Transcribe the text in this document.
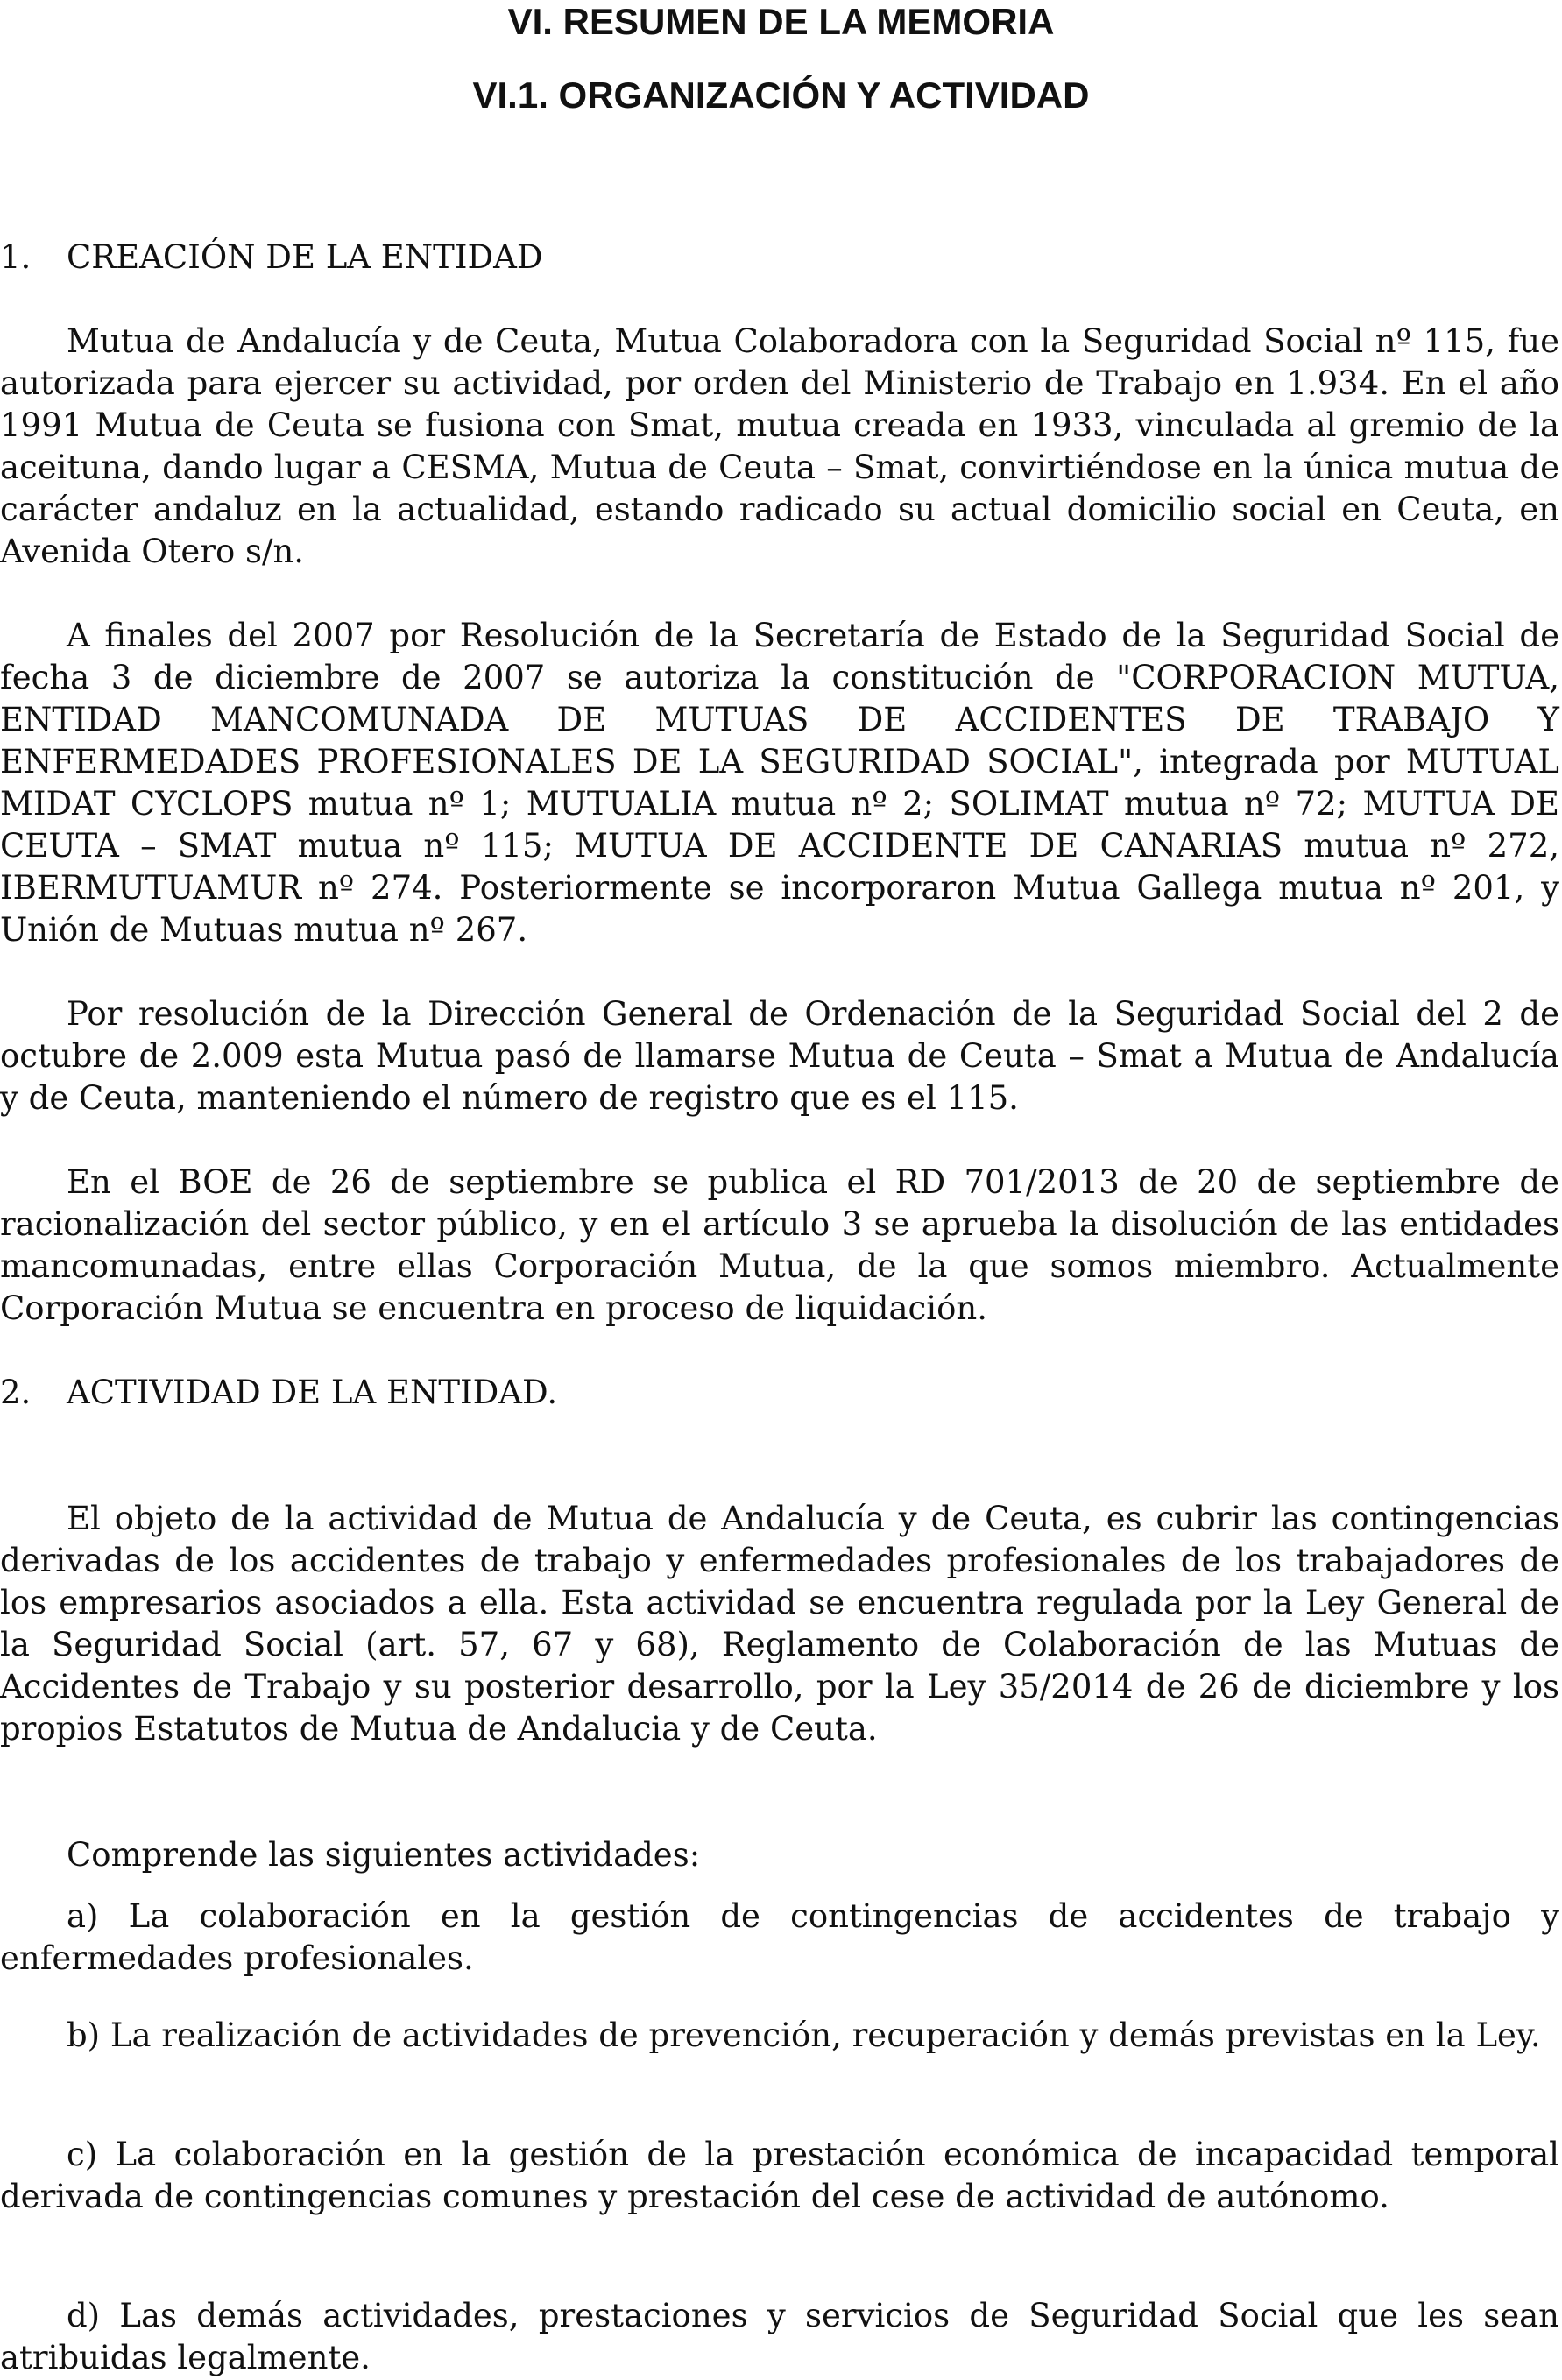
VI. RESUMEN DE LA MEMORIA
VI.1. ORGANIZACIÓN Y ACTIVIDAD
1. CREACIÓN DE LA ENTIDAD

Mutua de Andalucía y de Ceuta, Mutua Colaboradora con la Seguridad Social nº 115, fue autorizada para ejercer su actividad, por orden del Ministerio de Trabajo en 1.934. En el año 1991 Mutua de Ceuta se fusiona con Smat, mutua creada en 1933, vinculada al gremio de la aceituna, dando lugar a CESMA, Mutua de Ceuta – Smat, convirtiéndose en la única mutua de carácter andaluz en la actualidad, estando radicado su actual domicilio social en Ceuta, en Avenida Otero s/n.

A finales del 2007 por Resolución de la Secretaría de Estado de la Seguridad Social de fecha 3 de diciembre de 2007 se autoriza la constitución de "CORPORACION MUTUA, ENTIDAD MANCOMUNADA DE MUTUAS DE ACCIDENTES DE TRABAJO Y ENFERMEDADES PROFESIONALES DE LA SEGURIDAD SOCIAL", integrada por MUTUAL MIDAT CYCLOPS mutua nº 1; MUTUALIA mutua nº 2; SOLIMAT mutua nº 72; MUTUA DE CEUTA – SMAT mutua nº 115; MUTUA DE ACCIDENTE DE CANARIAS mutua nº 272, IBERMUTUAMUR nº 274. Posteriormente se incorporaron Mutua Gallega mutua nº 201, y Unión de Mutuas mutua nº 267.

Por resolución de la Dirección General de Ordenación de la Seguridad Social del 2 de octubre de 2.009 esta Mutua pasó de llamarse Mutua de Ceuta – Smat a Mutua de Andalucía y de Ceuta, manteniendo el número de registro que es el 115.

En el BOE de 26 de septiembre se publica el RD 701/2013 de 20 de septiembre de racionalización del sector público, y en el artículo 3 se aprueba la disolución de las entidades mancomunadas, entre ellas Corporación Mutua, de la que somos miembro. Actualmente Corporación Mutua se encuentra en proceso de liquidación.

2. ACTIVIDAD DE LA ENTIDAD.

El objeto de la actividad de Mutua de Andalucía y de Ceuta, es cubrir las contingencias derivadas de los accidentes de trabajo y enfermedades profesionales de los trabajadores de los empresarios asociados a ella. Esta actividad se encuentra regulada por la Ley General de la Seguridad Social (art. 57, 67 y 68), Reglamento de Colaboración de las Mutuas de Accidentes de Trabajo y su posterior desarrollo, por la Ley 35/2014 de 26 de diciembre y los propios Estatutos de Mutua de Andalucia y de Ceuta.

Comprende las siguientes actividades:

a) La colaboración en la gestión de contingencias de accidentes de trabajo y enfermedades profesionales.

b) La realización de actividades de prevención, recuperación y demás previstas en la Ley.

c) La colaboración en la gestión de la prestación económica de incapacidad temporal derivada de contingencias comunes y prestación del cese de actividad de autónomo.

d) Las demás actividades, prestaciones y servicios de Seguridad Social que les sean atribuidas legalmente.
